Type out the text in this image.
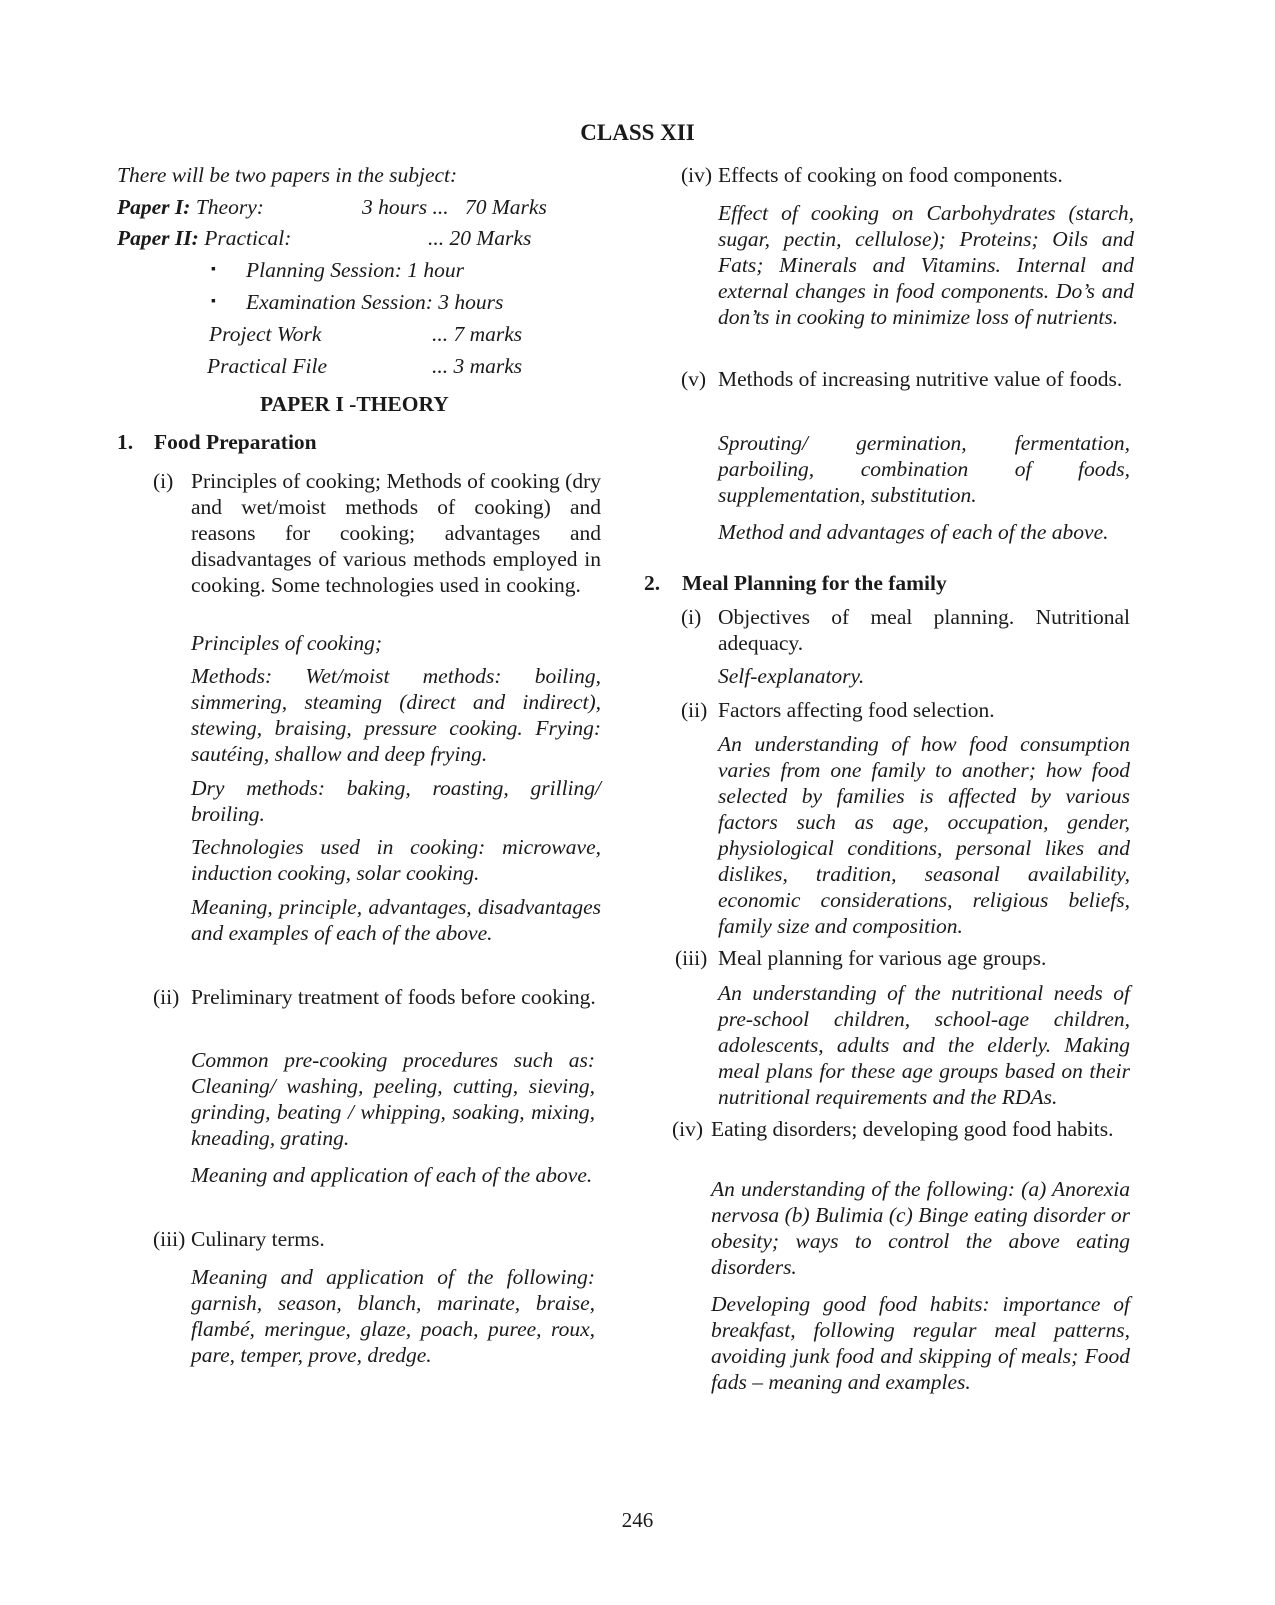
CLASS XII
There will be two papers in the subject:
Paper I: Theory:	3 hours ... 70 Marks
Paper II: Practical:	... 20 Marks
▪ Planning Session: 1 hour
▪ Examination Session: 3 hours
Project Work	... 7 marks
Practical File	... 3 marks
PAPER I -THEORY
1. Food Preparation
(i) Principles of cooking; Methods of cooking (dry and wet/moist methods of cooking) and reasons for cooking; advantages and disadvantages of various methods employed in cooking. Some technologies used in cooking.
Principles of cooking;
Methods: Wet/moist methods: boiling, simmering, steaming (direct and indirect), stewing, braising, pressure cooking. Frying: sautéing, shallow and deep frying.
Dry methods: baking, roasting, grilling/ broiling.
Technologies used in cooking: microwave, induction cooking, solar cooking.
Meaning, principle, advantages, disadvantages and examples of each of the above.
(ii) Preliminary treatment of foods before cooking.
Common pre-cooking procedures such as: Cleaning/ washing, peeling, cutting, sieving, grinding, beating / whipping, soaking, mixing, kneading, grating.
Meaning and application of each of the above.
(iii) Culinary terms.
Meaning and application of the following: garnish, season, blanch, marinate, braise, flambé, meringue, glaze, poach, puree, roux, pare, temper, prove, dredge.
(iv) Effects of cooking on food components.
Effect of cooking on Carbohydrates (starch, sugar, pectin, cellulose); Proteins; Oils and Fats; Minerals and Vitamins. Internal and external changes in food components. Do’s and don’ts in cooking to minimize loss of nutrients.
(v) Methods of increasing nutritive value of foods.
Sprouting/ germination, fermentation, parboiling, combination of foods, supplementation, substitution.
Method and advantages of each of the above.
2. Meal Planning for the family
(i) Objectives of meal planning. Nutritional adequacy.
Self-explanatory.
(ii) Factors affecting food selection.
An understanding of how food consumption varies from one family to another; how food selected by families is affected by various factors such as age, occupation, gender, physiological conditions, personal likes and dislikes, tradition, seasonal availability, economic considerations, religious beliefs, family size and composition.
(iii) Meal planning for various age groups.
An understanding of the nutritional needs of pre-school children, school-age children, adolescents, adults and the elderly. Making meal plans for these age groups based on their nutritional requirements and the RDAs.
(iv) Eating disorders; developing good food habits.
An understanding of the following: (a) Anorexia nervosa (b) Bulimia (c) Binge eating disorder or obesity; ways to control the above eating disorders.
Developing good food habits: importance of breakfast, following regular meal patterns, avoiding junk food and skipping of meals; Food fads – meaning and examples.
246
